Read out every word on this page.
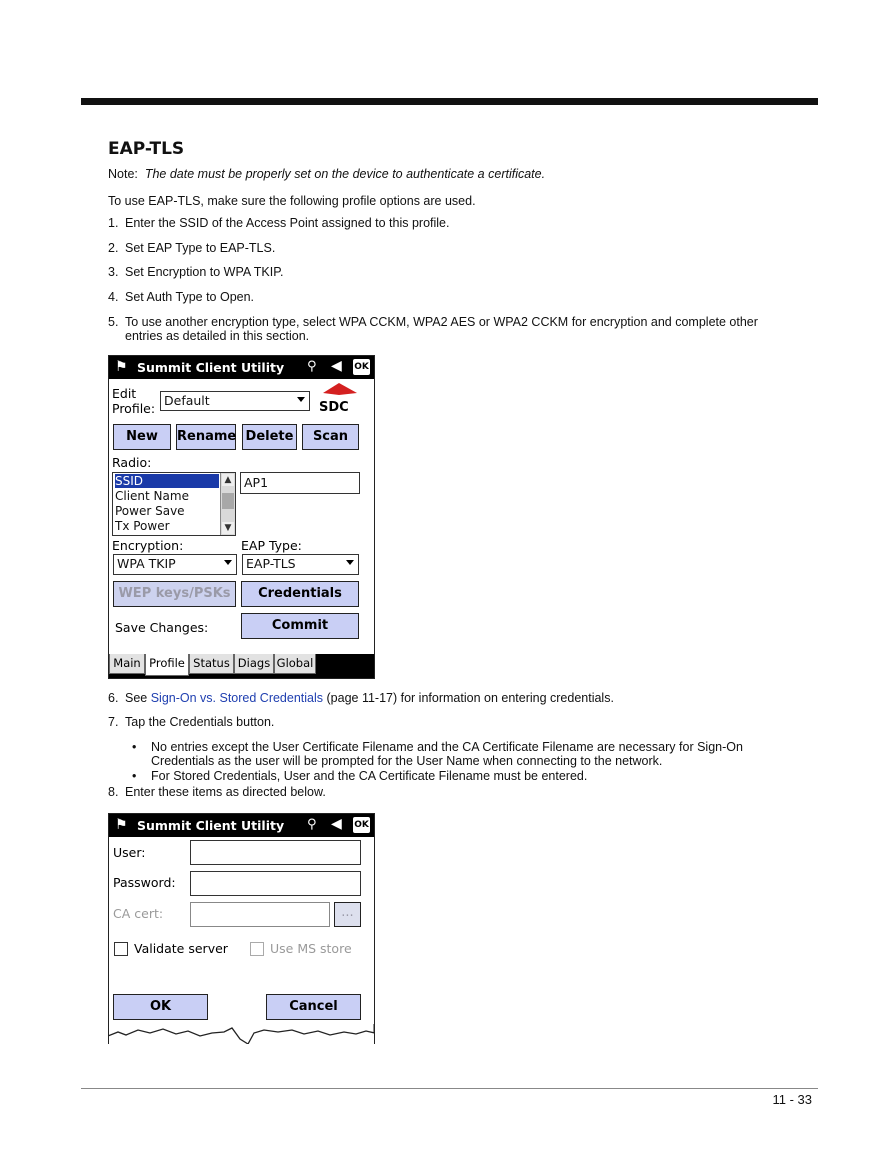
EAP-TLS
Note: The date must be properly set on the device to authenticate a certificate.
To use EAP-TLS, make sure the following profile options are used.
1. Enter the SSID of the Access Point assigned to this profile.
2. Set EAP Type to EAP-TLS.
3. Set Encryption to WPA TKIP.
4. Set Auth Type to Open.
5. To use another encryption type, select WPA CCKM, WPA2 AES or WPA2 CCKM for encryption and complete other
entries as detailed in this section.
⚑ Summit Client Utility ⚲ ◀ OK
Edit
Profile:
Default	SDC
New	Rename Delete	Scan
Radio:
SSID
Client Name
Power Save
Tx Power
▲
▼
AP1
Encryption:	EAP Type:
WPA TKIP	EAP-TLS
WEP keys/PSKs	Credentials
Save Changes:	Commit
Main Profile Status Diags Global
6. See Sign-On vs. Stored Credentials (page 11-17) for information on entering credentials.
7. Tap the Credentials button.
• No entries except the User Certificate Filename and the CA Certificate Filename are necessary for Sign-On
Credentials as the user will be prompted for the User Name when connecting to the network.
• For Stored Credentials, User and the CA Certificate Filename must be entered.
8. Enter these items as directed below.
⚑ Summit Client Utility ⚲ ◀ OK
User:
Password:
CA cert:	...
Validate server	Use MS store
OK	Cancel
11 - 33
